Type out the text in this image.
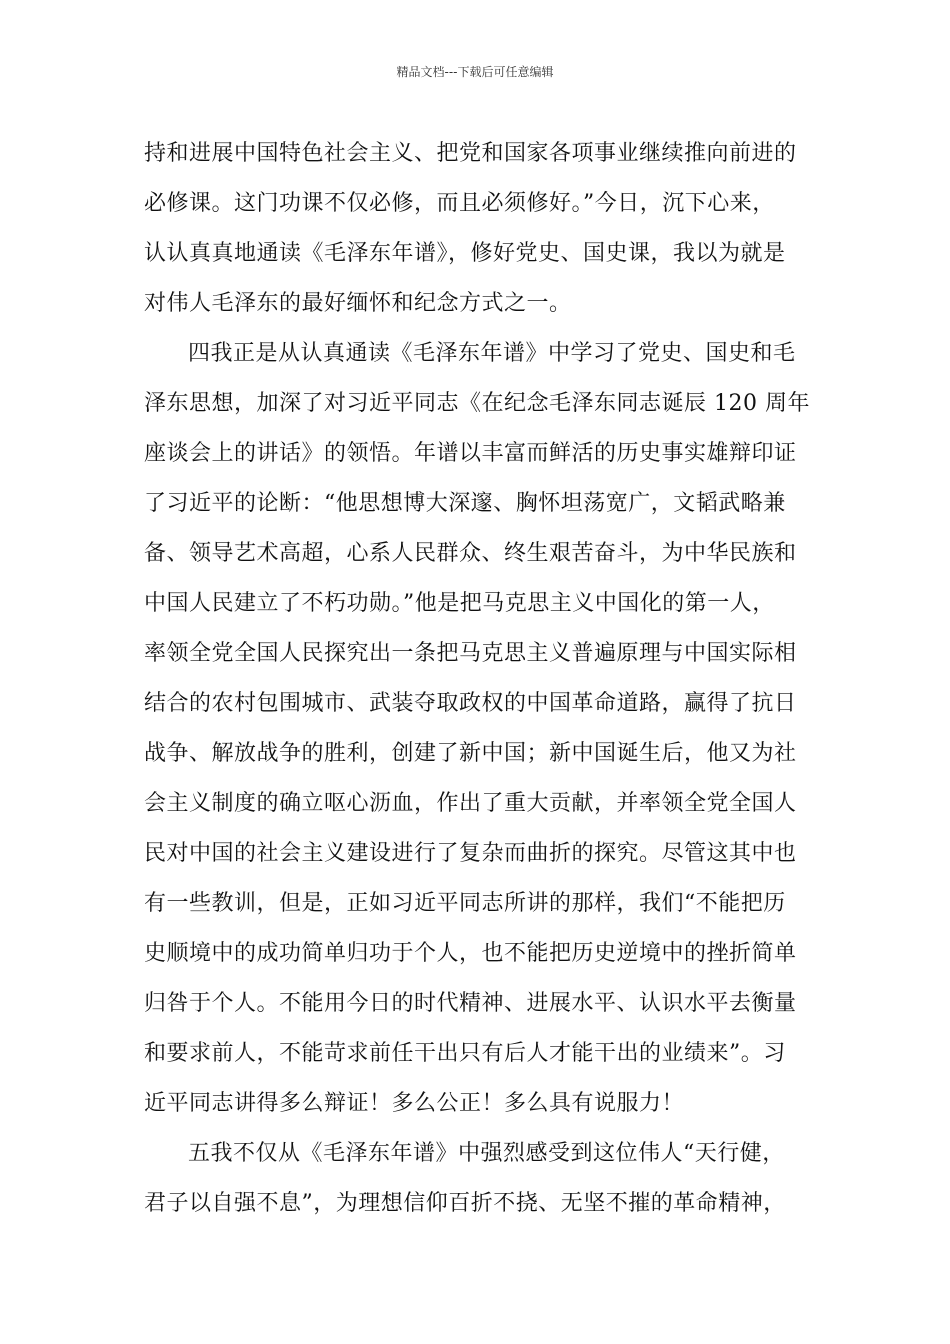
精品文档---下载后可任意编辑
持和进展中国特色社会主义、把党和国家各项事业继续推向前进的
必修课。这门功课不仅必修，而且必须修好。”今日，沉下心来，
认认真真地通读《毛泽东年谱》，修好党史、国史课，我以为就是
对伟人毛泽东的最好缅怀和纪念方式之一。
四我正是从认真通读《毛泽东年谱》中学习了党史、国史和毛
泽东思想，加深了对习近平同志《在纪念毛泽东同志诞辰 120 周年
座谈会上的讲话》的领悟。年谱以丰富而鲜活的历史事实雄辩印证
了习近平的论断：“他思想博大深邃、胸怀坦荡宽广，文韬武略兼
备、领导艺术高超，心系人民群众、终生艰苦奋斗，为中华民族和
中国人民建立了不朽功勋。”他是把马克思主义中国化的第一人，
率领全党全国人民探究出一条把马克思主义普遍原理与中国实际相
结合的农村包围城市、武装夺取政权的中国革命道路，赢得了抗日
战争、解放战争的胜利，创建了新中国；新中国诞生后，他又为社
会主义制度的确立呕心沥血，作出了重大贡献，并率领全党全国人
民对中国的社会主义建设进行了复杂而曲折的探究。尽管这其中也
有一些教训，但是，正如习近平同志所讲的那样，我们“不能把历
史顺境中的成功简单归功于个人，也不能把历史逆境中的挫折简单
归咎于个人。不能用今日的时代精神、进展水平、认识水平去衡量
和要求前人，不能苛求前任干出只有后人才能干出的业绩来”。习
近平同志讲得多么辩证！多么公正！多么具有说服力！
五我不仅从《毛泽东年谱》中强烈感受到这位伟人“天行健，
君子以自强不息”，为理想信仰百折不挠、无坚不摧的革命精神，
